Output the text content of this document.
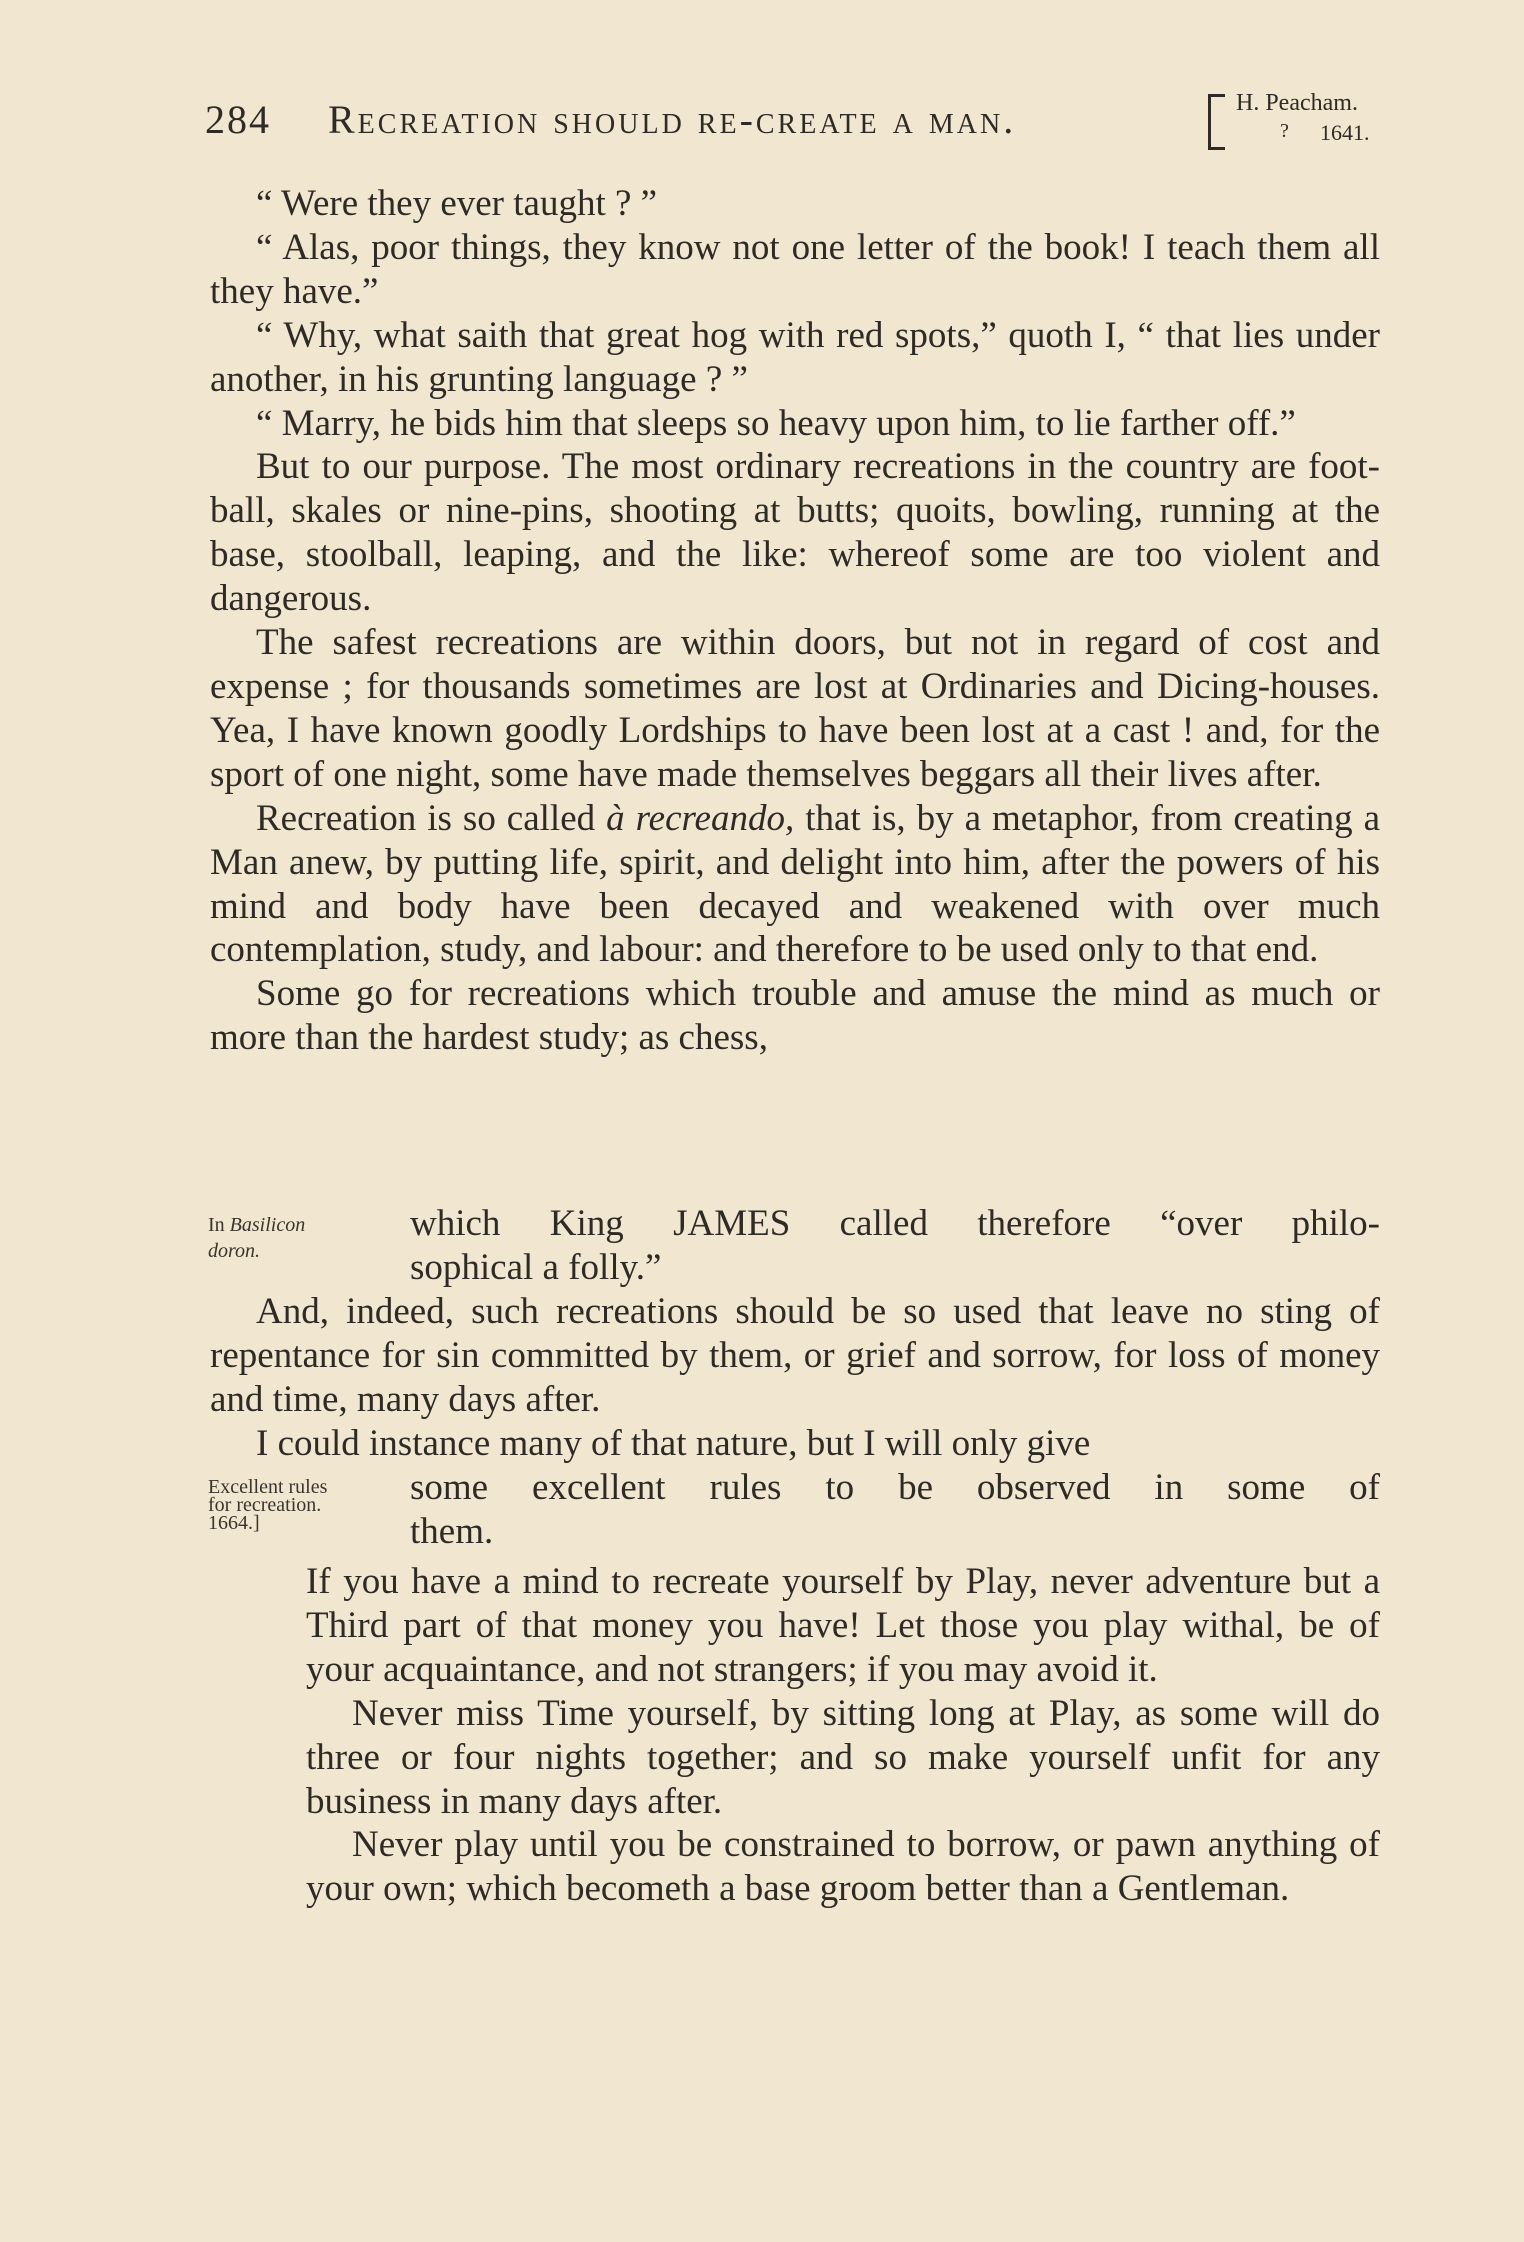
284 Recreation should re-create a man.	H. Peacham.
? 1641.

“ Were they ever taught ? ”

“ Alas, poor things, they know not one letter of the book! I teach them all they have.”

“ Why, what saith that great hog with red spots,” quoth I, “ that lies under another, in his grunting language ? ”

“ Marry, he bids him that sleeps so heavy upon him, to lie farther off.”

But to our purpose. The most ordinary recreations in the country are foot-ball, skales or nine-pins, shooting at butts; quoits, bowling, running at the base, stoolball, leaping, and the like: whereof some are too violent and dangerous.

The safest recreations are within doors, but not in regard of cost and expense ; for thousands sometimes are lost at Ordinaries and Dicing-houses. Yea, I have known goodly Lordships to have been lost at a cast ! and, for the sport of one night, some have made themselves beggars all their lives after.

Recreation is so called à recreando, that is, by a metaphor, from creating a Man anew, by putting life, spirit, and delight into him, after the powers of his mind and body have been decayed and weakened with over much contemplation, study, and labour: and therefore to be used only to that end.

Some go for recreations which trouble and amuse the mind as much or more than the hardest study; as chess,

In Basilicon
doron.
which King JAMES called therefore “over philo-
sophical a folly.”

And, indeed, such recreations should be so used that leave no sting of repentance for sin committed by them, or grief and sorrow, for loss of money and time, many days after.

I could instance many of that nature, but I will only give

Excellent rules
for recreation.
1664.]
some excellent rules to be observed in some of
them.

If you have a mind to recreate yourself by Play, never adventure but a Third part of that money you have! Let those you play withal, be of your acquaintance, and not strangers; if you may avoid it.

Never miss Time yourself, by sitting long at Play, as some will do three or four nights together; and so make yourself unfit for any business in many days after.

Never play until you be constrained to borrow, or pawn anything of your own; which becometh a base groom better than a Gentleman.
